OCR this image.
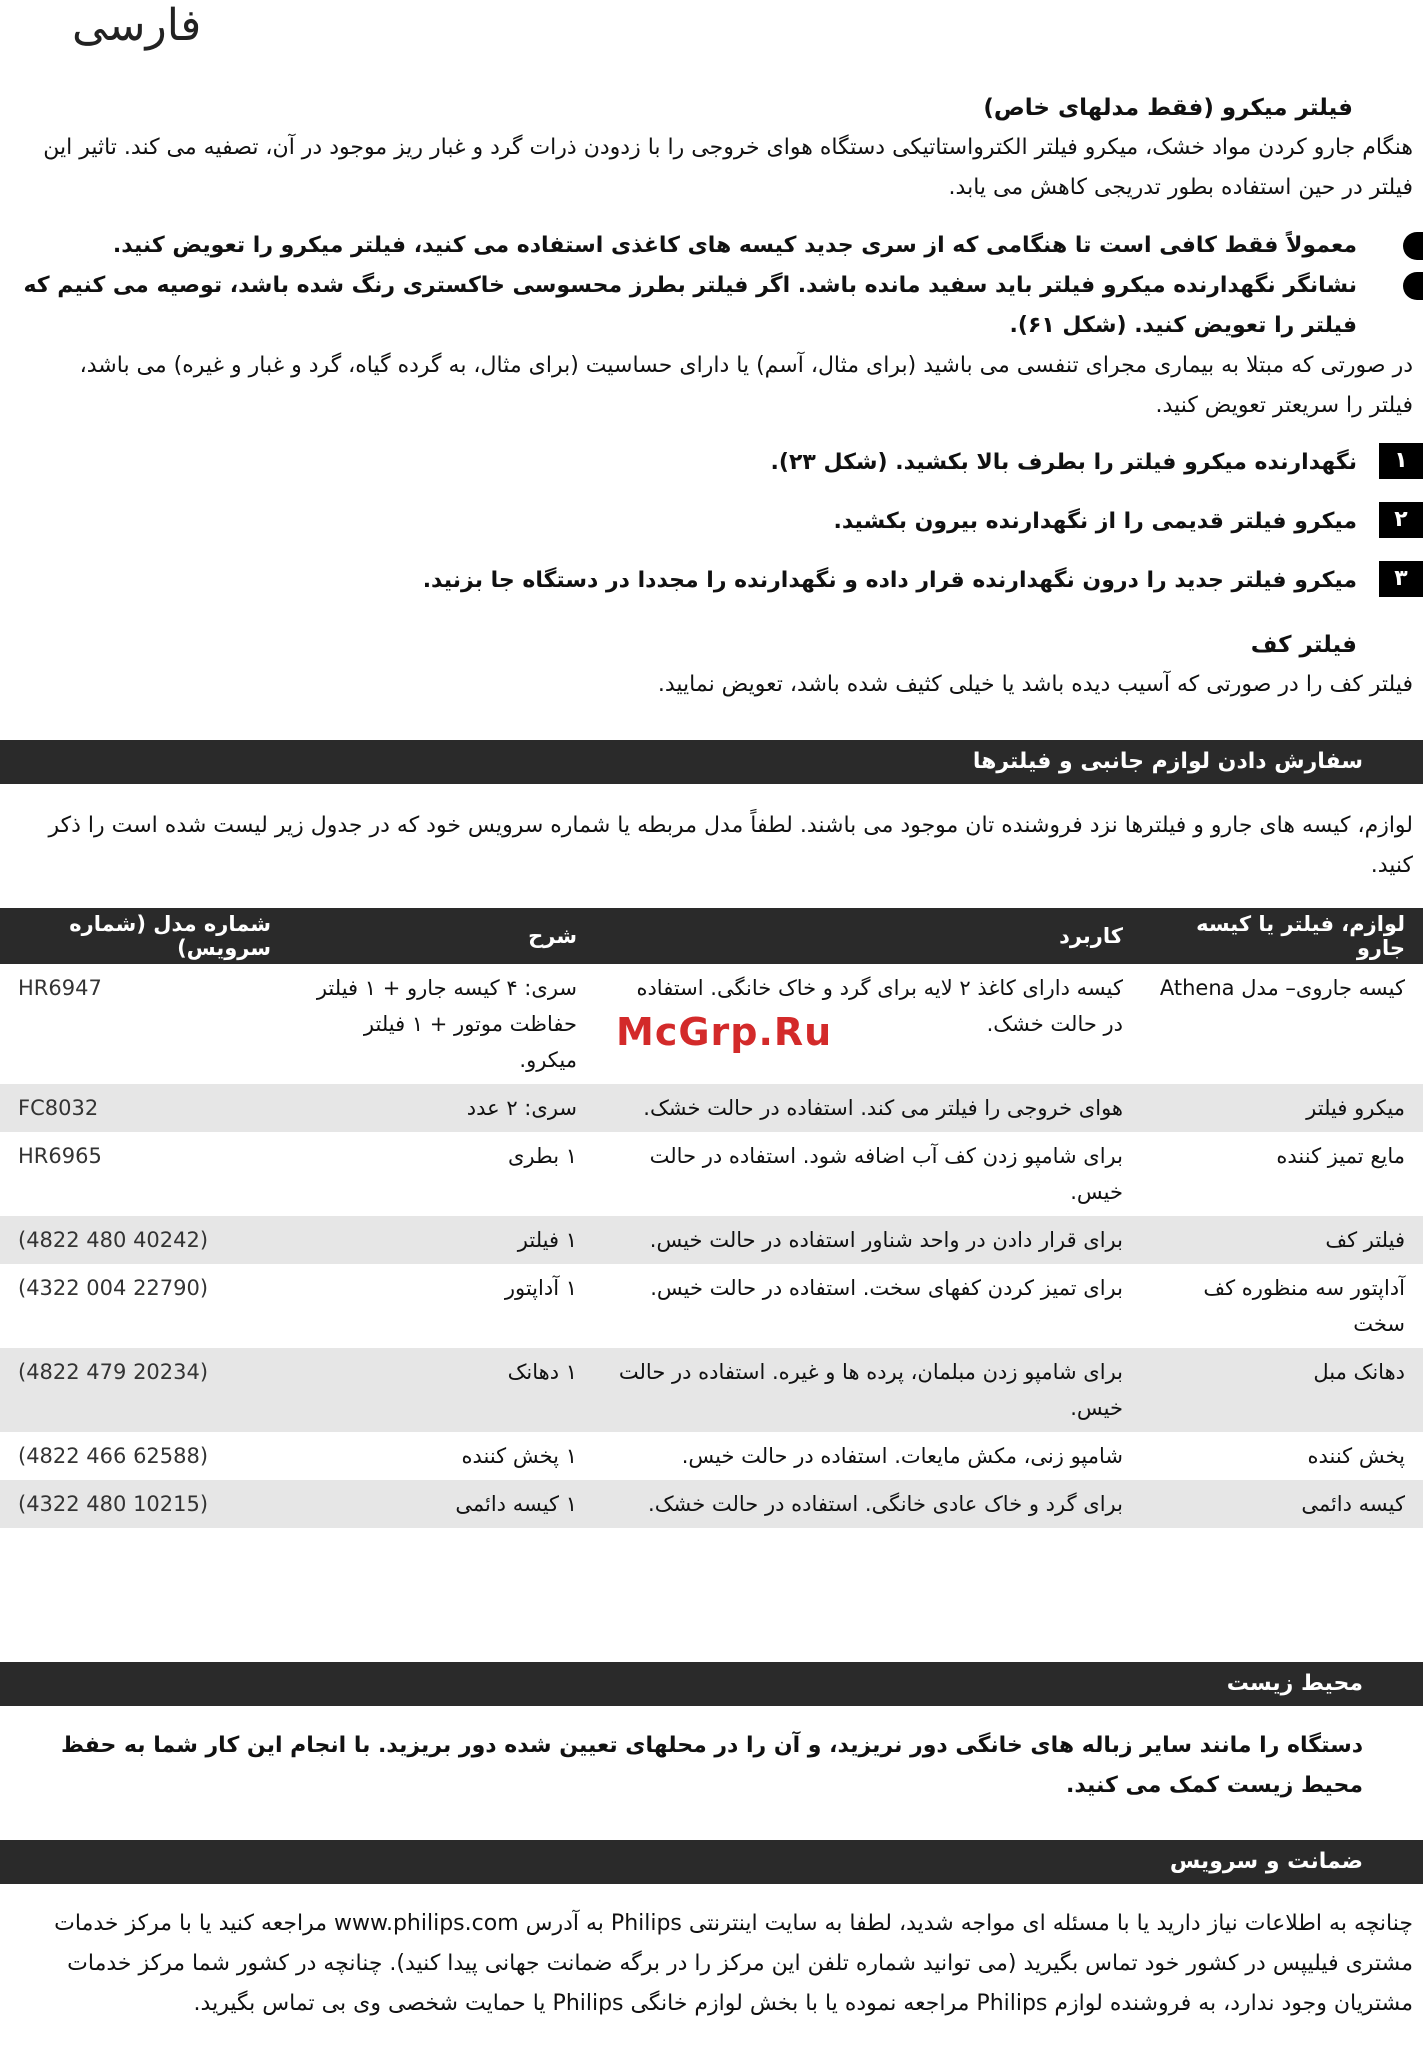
فارسی
فیلتر میکرو (فقط مدلهای خاص)
هنگام جارو کردن مواد خشک، میکرو فیلتر الکترواستاتیکی دستگاه هوای خروجی را با زدودن ذرات گرد و غبار ریز موجود در آن، تصفیه می کند. تاثیر این فیلتر در حین استفاده بطور تدریجی کاهش می یابد.
معمولاً فقط کافی است تا هنگامی که از سری جدید کیسه های کاغذی استفاده می کنید، فیلتر میکرو را تعویض کنید.
نشانگر نگهدارنده میکرو فیلتر باید سفید مانده باشد. اگر فیلتر بطرز محسوسی خاکستری رنگ شده باشد، توصیه می کنیم که فیلتر را تعویض کنید. (شکل ۶۱).
در صورتی که مبتلا به بیماری مجرای تنفسی می باشید (برای مثال، آسم) یا دارای حساسیت (برای مثال، به گرده گیاه، گرد و غبار و غیره) می باشد، فیلتر را سریعتر تعویض کنید.
۱
نگهدارنده میکرو فیلتر را بطرف بالا بکشید. (شکل ۲۳).
۲
میکرو فیلتر قدیمی را از نگهدارنده بیرون بکشید.
۳
میکرو فیلتر جدید را درون نگهدارنده قرار داده و نگهدارنده را مجددا در دستگاه جا بزنید.
فیلتر کف
فیلتر کف را در صورتی که آسیب دیده باشد یا خیلی کثیف شده باشد، تعویض نمایید.
سفارش دادن لوازم جانبی و فیلترها
لوازم، کیسه های جارو و فیلترها نزد فروشنده تان موجود می باشند. لطفاً مدل مربطه یا شماره سرویس خود که در جدول زیر لیست شده است را ذکر کنید.
لوازم، فیلتر یا کیسه جارو	کاربرد	شرح	شماره مدل (شماره سرویس)
کیسه جاروی– مدل Athena	کیسه دارای کاغذ ۲ لایه برای گرد و خاک خانگی. استفاده در حالت خشک.	سری: ۴ کیسه جارو + ۱ فیلتر حفاظت موتور + ۱ فیلتر میکرو.	HR6947
میکرو فیلتر	هوای خروجی را فیلتر می کند. استفاده در حالت خشک.	سری: ۲ عدد	FC8032
مایع تمیز کننده	برای شامپو زدن کف آب اضافه شود. استفاده در حالت خیس.	۱ بطری	HR6965
فیلتر کف	برای قرار دادن در واحد شناور استفاده در حالت خیس.	۱ فیلتر	(4822 480 40242)
آداپتور سه منظوره کف سخت	برای تمیز کردن کفهای سخت. استفاده در حالت خیس.	۱ آداپتور	(4322 004 22790)
دهانک مبل	برای شامپو زدن مبلمان، پرده ها و غیره. استفاده در حالت خیس.	۱ دهانک	(4822 479 20234)
پخش کننده	شامپو زنی، مکش مایعات. استفاده در حالت خیس.	۱ پخش کننده	(4822 466 62588)
کیسه دائمی	برای گرد و خاک عادی خانگی. استفاده در حالت خشک.	۱ کیسه دائمی	(4322 480 10215)
McGrp.Ru
محیط زیست
دستگاه را مانند سایر زباله های خانگی دور نریزید، و آن را در محلهای تعیین شده دور بریزید. با انجام این کار شما به حفظ محیط زیست کمک می کنید.
ضمانت و سرویس
چنانچه به اطلاعات نیاز دارید یا با مسئله ای مواجه شدید، لطفا به سایت اینترنتی Philips به آدرس www.philips.com مراجعه کنید یا با مرکز خدمات مشتری فیلیپس در کشور خود تماس بگیرید (می توانید شماره تلفن این مرکز را در برگه ضمانت جهانی پیدا کنید). چنانچه در کشور شما مرکز خدمات مشتریان وجود ندارد، به فروشنده لوازم Philips مراجعه نموده یا با بخش لوازم خانگی Philips یا حمایت شخصی وی بی تماس بگیرید.
